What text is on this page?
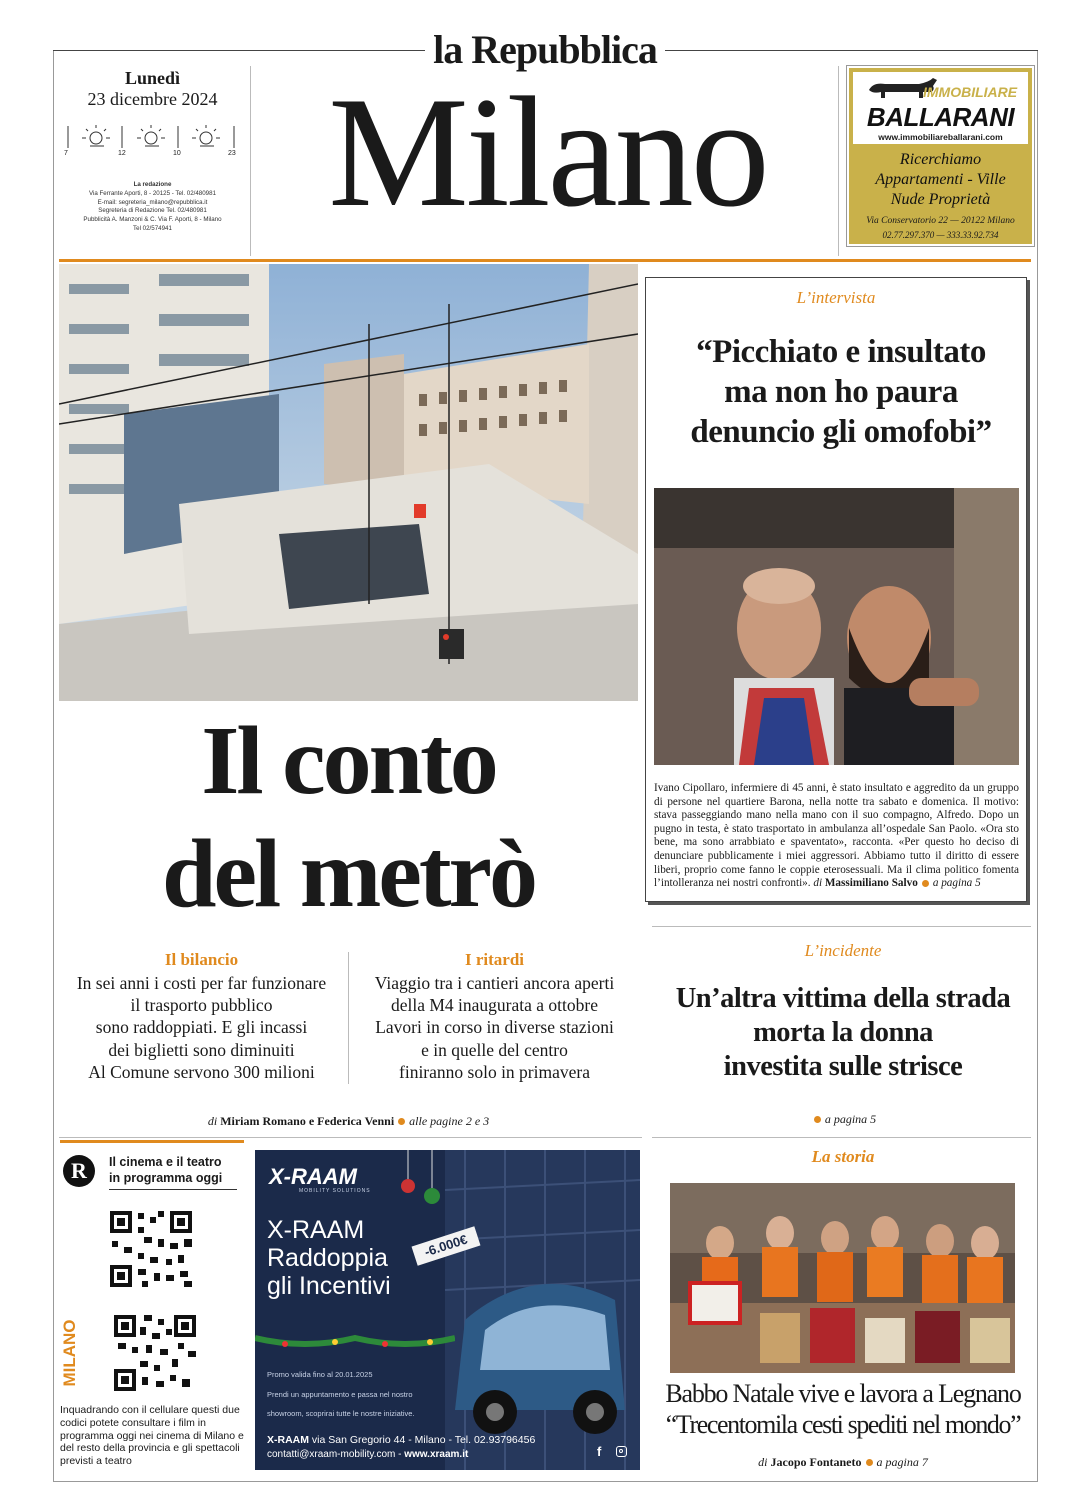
la Repubblica
Milano
Lunedì
23 dicembre 2024
7	12	10	23
La redazione
Via Ferrante Aporti, 8 - 20125 - Tel. 02/480981
E-mail: segreteria_milano@repubblica.it
Segreteria di Redazione Tel. 02/480981
Pubblicità A. Manzoni & C. Via F. Aporti, 8 - Milano
Tel 02/574941
IMMOBILIARE
BALLARANI
www.immobiliareballarani.com
Ricerchiamo
Appartamenti - Ville
Nude Proprietà
Via Conservatorio 22 — 20122 Milano
02.77.297.370 — 333.33.92.734
Il conto
del metrò
Il bilancio
In sei anni i costi per far funzionare
il trasporto pubblico
sono raddoppiati. E gli incassi
dei biglietti sono diminuiti
Al Comune servono 300 milioni
I ritardi
Viaggio tra i cantieri ancora aperti
della M4 inaugurata a ottobre
Lavori in corso in diverse stazioni
e in quelle del centro
finiranno solo in primavera
di Miriam Romano e Federica Venni alle pagine 2 e 3
L’intervista
“Picchiato e insultato
ma non ho paura
denuncio gli omofobi”
Ivano Cipollaro, infermiere di 45 anni, è stato insultato e aggredito da un gruppo di persone nel quartiere Barona, nella notte tra sabato e domenica. Il motivo: stava passeggiando mano nella mano con il suo compagno, Alfredo. Dopo un pugno in testa, è stato trasportato in ambulanza all’ospedale San Paolo. «Ora sto bene, ma sono arrabbiato e spaventato», racconta. «Per questo ho deciso di denunciare pubblicamente i miei aggressori. Abbiamo tutto il diritto di essere liberi, proprio come fanno le coppie eterosessuali. Ma il clima politico fomenta l’intolleranza nei nostri confronti». di Massimiliano Salvo a pagina 5
L’incidente
Un’altra vittima della strada
morta la donna
investita sulle strisce
a pagina 5
La storia
Babbo Natale vive e lavora a Legnano
“Trecentomila cesti spediti nel mondo”
di Jacopo Fontaneto a pagina 7
R	Il cinema e il teatro
in programma oggi
MILANO
Inquadrando con il cellulare questi due codici potete consultare i film in programma oggi nei cinema di Milano e del resto della provincia e gli spettacoli previsti a teatro
X-RAAM
MOBILITY SOLUTIONS
X-RAAM
Raddoppia
gli Incentivi
-6.000€
Promo valida fino al 20.01.2025
Prendi un appuntamento e passa nel nostro
showroom, scoprirai tutte le nostre iniziative.
X-RAAM via San Gregorio 44 - Milano - Tel. 02.93796456
contatti@xraam-mobility.com - www.xraam.it	f
